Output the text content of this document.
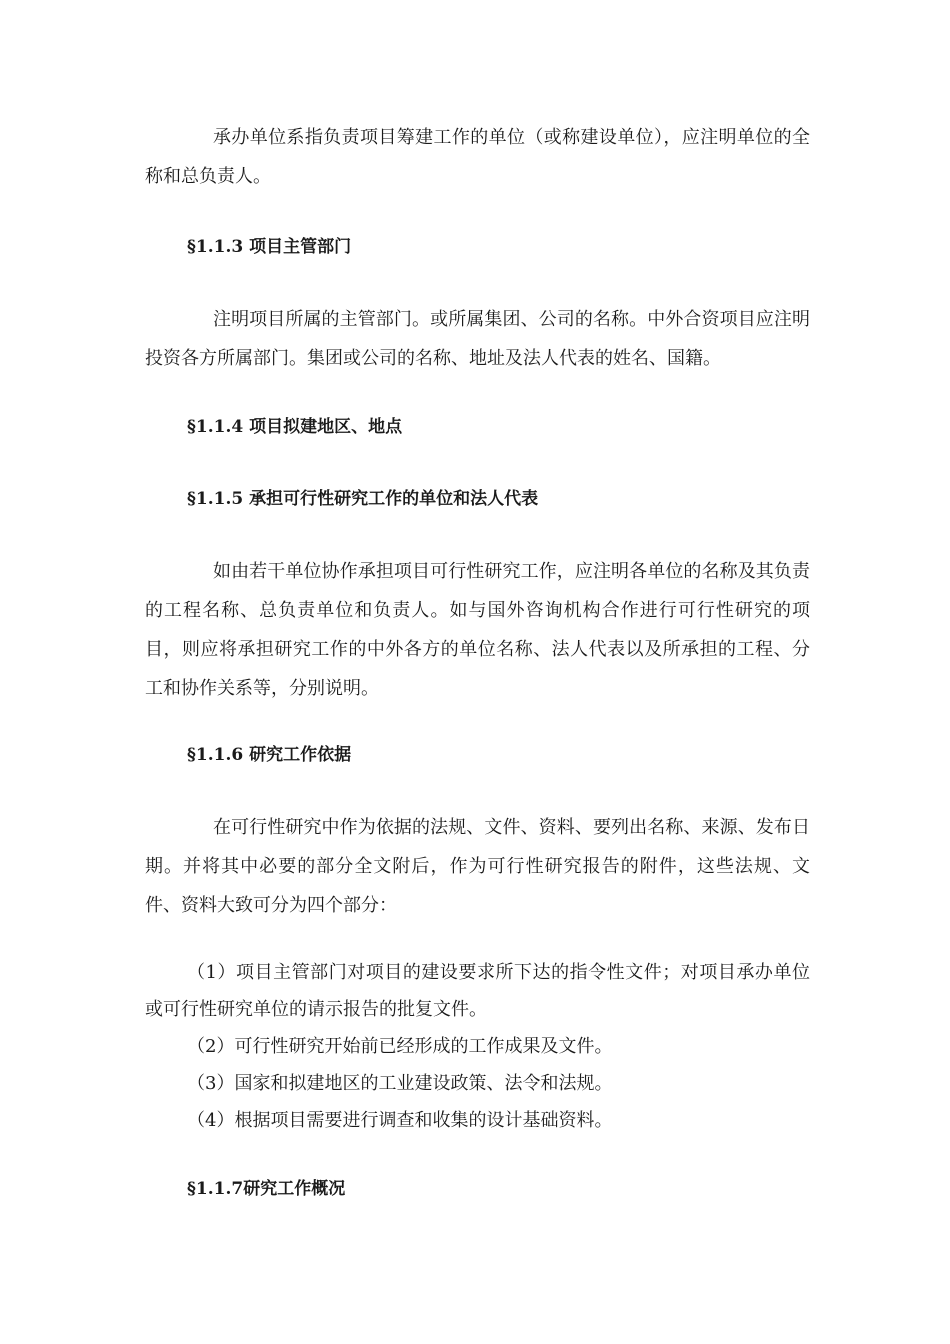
承办单位系指负责项目筹建工作的单位（或称建设单位），应注明单位的全称和总负责人。

§1.1.3 项目主管部门

注明项目所属的主管部门。或所属集团、公司的名称。中外合资项目应注明投资各方所属部门。集团或公司的名称、地址及法人代表的姓名、国籍。

§1.1.4 项目拟建地区、地点

§1.1.5 承担可行性研究工作的单位和法人代表

如由若干单位协作承担项目可行性研究工作，应注明各单位的名称及其负责的工程名称、总负责单位和负责人。如与国外咨询机构合作进行可行性研究的项目，则应将承担研究工作的中外各方的单位名称、法人代表以及所承担的工程、分工和协作关系等，分别说明。

§1.1.6 研究工作依据

在可行性研究中作为依据的法规、文件、资料、要列出名称、来源、发布日期。并将其中必要的部分全文附后，作为可行性研究报告的附件，这些法规、文件、资料大致可分为四个部分：

（1）项目主管部门对项目的建设要求所下达的指令性文件；对项目承办单位或可行性研究单位的请示报告的批复文件。

（2）可行性研究开始前已经形成的工作成果及文件。

（3）国家和拟建地区的工业建设政策、法令和法规。

（4）根据项目需要进行调查和收集的设计基础资料。

§1.1.7研究工作概况
